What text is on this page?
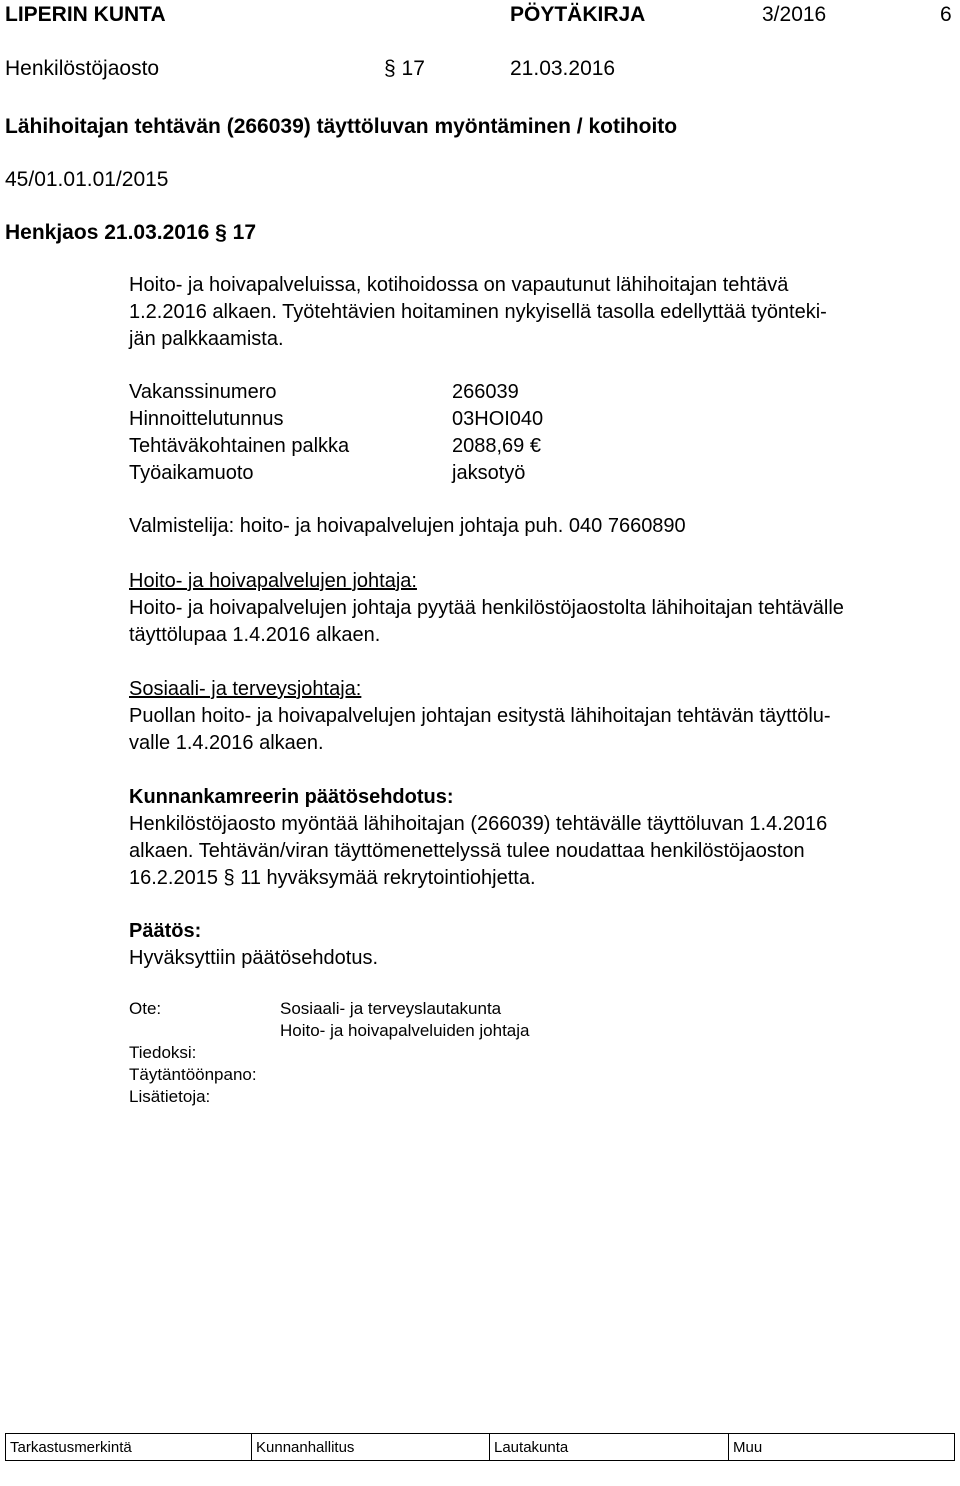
LIPERIN KUNTA	PÖYTÄKIRJA	3/2016	6
Henkilöstöjaosto	§ 17	21.03.2016
Lähihoitajan tehtävän (266039) täyttöluvan myöntäminen / kotihoito
45/01.01.01/2015
Henkjaos 21.03.2016 § 17
Hoito- ja hoivapalveluissa, kotihoidossa on vapautunut lähihoitajan tehtävä
1.2.2016 alkaen. Työtehtävien hoitaminen nykyisellä tasolla edellyttää työnteki-
jän palkkaamista.
Vakanssinumero	266039
Hinnoittelutunnus	03HOI040
Tehtäväkohtainen palkka	2088,69 €
Työaikamuoto	jaksotyö
Valmistelija: hoito- ja hoivapalvelujen johtaja puh. 040 7660890
Hoito- ja hoivapalvelujen johtaja:
Hoito- ja hoivapalvelujen johtaja pyytää henkilöstöjaostolta lähihoitajan tehtävälle
täyttölupaa 1.4.2016 alkaen.
Sosiaali- ja terveysjohtaja:
Puollan hoito- ja hoivapalvelujen johtajan esitystä lähihoitajan tehtävän täyttölu-
valle 1.4.2016 alkaen.
Kunnankamreerin päätösehdotus:
Henkilöstöjaosto myöntää lähihoitajan (266039) tehtävälle täyttöluvan 1.4.2016
alkaen. Tehtävän/viran täyttömenettelyssä tulee noudattaa henkilöstöjaoston
16.2.2015 § 11 hyväksymää rekrytointiohjetta.
Päätös:
Hyväksyttiin päätösehdotus.
Ote:	Sosiaali- ja terveyslautakunta
Hoito- ja hoivapalveluiden johtaja
Tiedoksi:
Täytäntöönpano:
Lisätietoja:
Tarkastusmerkintä	Kunnanhallitus	Lautakunta	Muu
